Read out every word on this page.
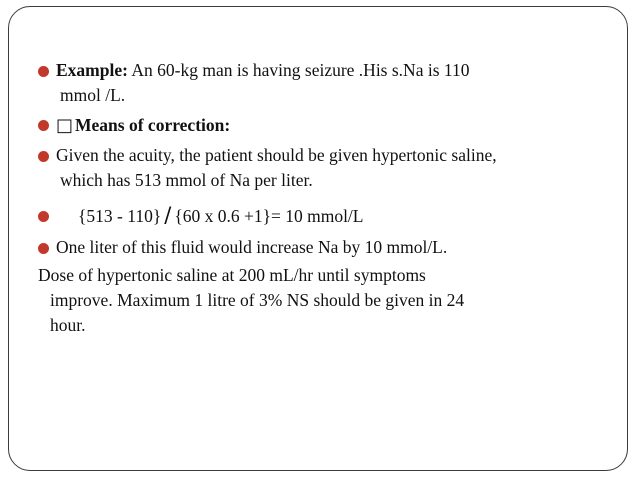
Example: An 60-kg man is having seizure .His s.Na is 110
mmol /L.
□ Means of correction:
Given the acuity, the patient should be given hypertonic saline,
which has 513 mmol of Na per liter.
{513 - 110} / {60 x 0.6 +1}= 10 mmol/L
One liter of this fluid would increase Na by 10 mmol/L.
Dose of hypertonic saline at 200 mL/hr until symptoms
improve. Maximum 1 litre of 3% NS should be given in 24
hour.
